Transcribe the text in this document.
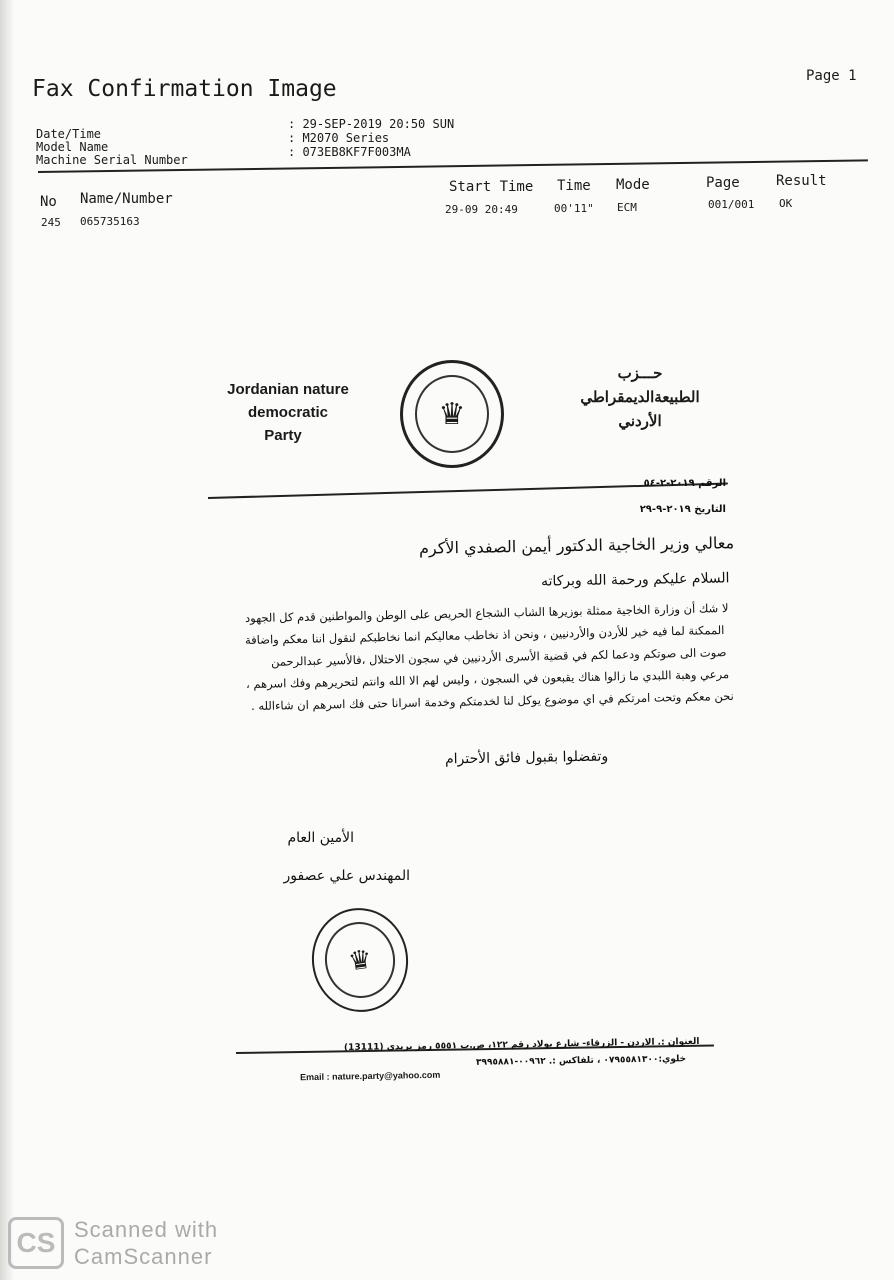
Fax Confirmation Image	Page 1
Date/Time
Model Name
Machine Serial Number
: 29-SEP-2019 20:50 SUN
: M2070 Series
: 073EB8KF7F003MA
No Name/Number
Start Time Time Mode	Page	Result
245 065735163
29-09 20:49	00'11" ECM	001/001 OK
Jordanian nature
democratic
Party
♛
حـــزب
الطبيعةالديمقراطي
الأردني
الرقم ٢٠١٩-٢-٥٤
التاريخ ٢٠١٩-٩-٢٩
معالي وزير الخاجية الدكتور أيمن الصفدي الأكرم
السلام عليكم ورحمة الله وبركاته
لا شك أن وزارة الخاجية ممثلة بوزيرها الشاب الشجاع الحريص على الوطن والمواطنين قدم كل الجهود
الممكنة لما فيه خير للأردن والأردنيين ، ونحن اذ نخاطب معاليكم انما نخاطبكم لنقول اننا معكم واضافة
صوت الى صوتكم ودعما لكم في قضية الأسرى الأردنيين في سجون الاحتلال ،فالأسير عبدالرحمن
مرعي وهبة اللبدي ما زالوا هناك يقبعون في السجون ، وليس لهم الا الله وانتم لتحريرهم وفك اسرهم ،
نحن معكم وتحت امرتكم في اي موضوع يوكل لنا لخدمتكم وخدمة اسرانا حتى فك اسرهم ان شاءالله .
وتفضلوا بقبول فائق الأحترام
الأمين العام
المهندس علي عصفور
♛
العنوان :. الاردن - الزرقاء- شارع بولاد رقم ١٢٢، ص.ب ٥٥٥١ رمز بريدي (13111)
خلوي:٠٧٩٥٥٨١٣٠٠ ، تلفاكس :. ٠٠٩٦٢-٣٩٩٥٨٨١
Email : nature.party@yahoo.com
CS Scanned with
CamScanner
